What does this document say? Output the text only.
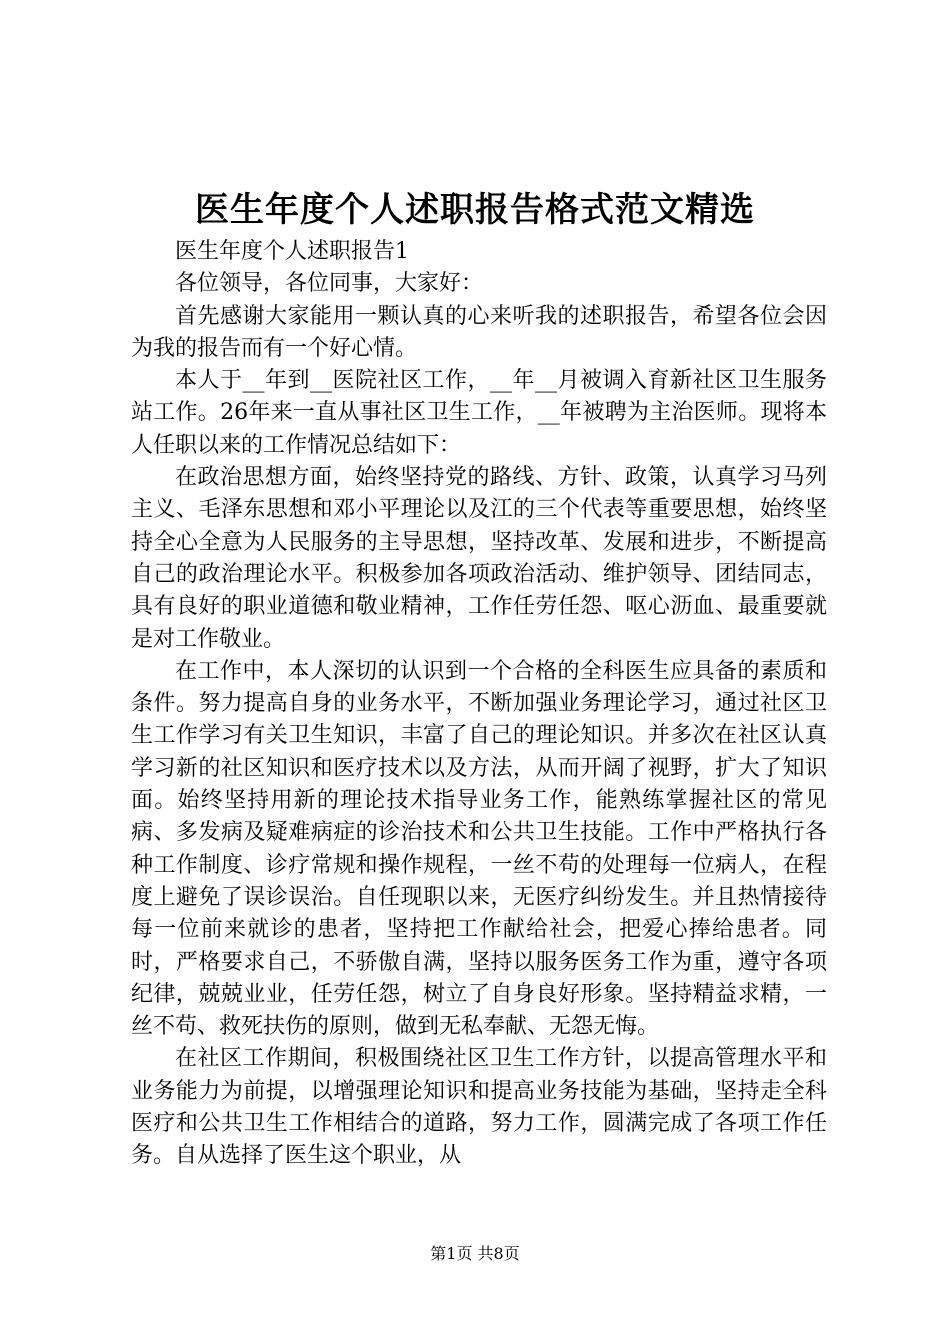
医生年度个人述职报告格式范文精选

医生年度个人述职报告1

各位领导，各位同事，大家好：

首先感谢大家能用一颗认真的心来听我的述职报告，希望各位会因为我的报告而有一个好心情。

本人于__年到__医院社区工作，__年__月被调入育新社区卫生服务站工作。26年来一直从事社区卫生工作，__年被聘为主治医师。现将本人任职以来的工作情况总结如下：

在政治思想方面，始终坚持党的路线、方针、政策，认真学习马列主义、毛泽东思想和邓小平理论以及江的三个代表等重要思想，始终坚持全心全意为人民服务的主导思想，坚持改革、发展和进步，不断提高自己的政治理论水平。积极参加各项政治活动、维护领导、团结同志，具有良好的职业道德和敬业精神，工作任劳任怨、呕心沥血、最重要就是对工作敬业。

在工作中，本人深切的认识到一个合格的全科医生应具备的素质和条件。努力提高自身的业务水平，不断加强业务理论学习，通过社区卫生工作学习有关卫生知识，丰富了自己的理论知识。并多次在社区认真学习新的社区知识和医疗技术以及方法，从而开阔了视野，扩大了知识面。始终坚持用新的理论技术指导业务工作，能熟练掌握社区的常见病、多发病及疑难病症的诊治技术和公共卫生技能。工作中严格执行各种工作制度、诊疗常规和操作规程，一丝不苟的处理每一位病人，在程度上避免了误诊误治。自任现职以来，无医疗纠纷发生。并且热情接待每一位前来就诊的患者，坚持把工作献给社会，把爱心捧给患者。同时，严格要求自己，不骄傲自满，坚持以服务医务工作为重，遵守各项纪律，兢兢业业，任劳任怨，树立了自身良好形象。坚持精益求精，一丝不苟、救死扶伤的原则，做到无私奉献、无怨无悔。

在社区工作期间，积极围绕社区卫生工作方针，以提高管理水平和业务能力为前提，以增强理论知识和提高业务技能为基础，坚持走全科医疗和公共卫生工作相结合的道路，努力工作，圆满完成了各项工作任务。自从选择了医生这个职业，从

第1页 共8页
